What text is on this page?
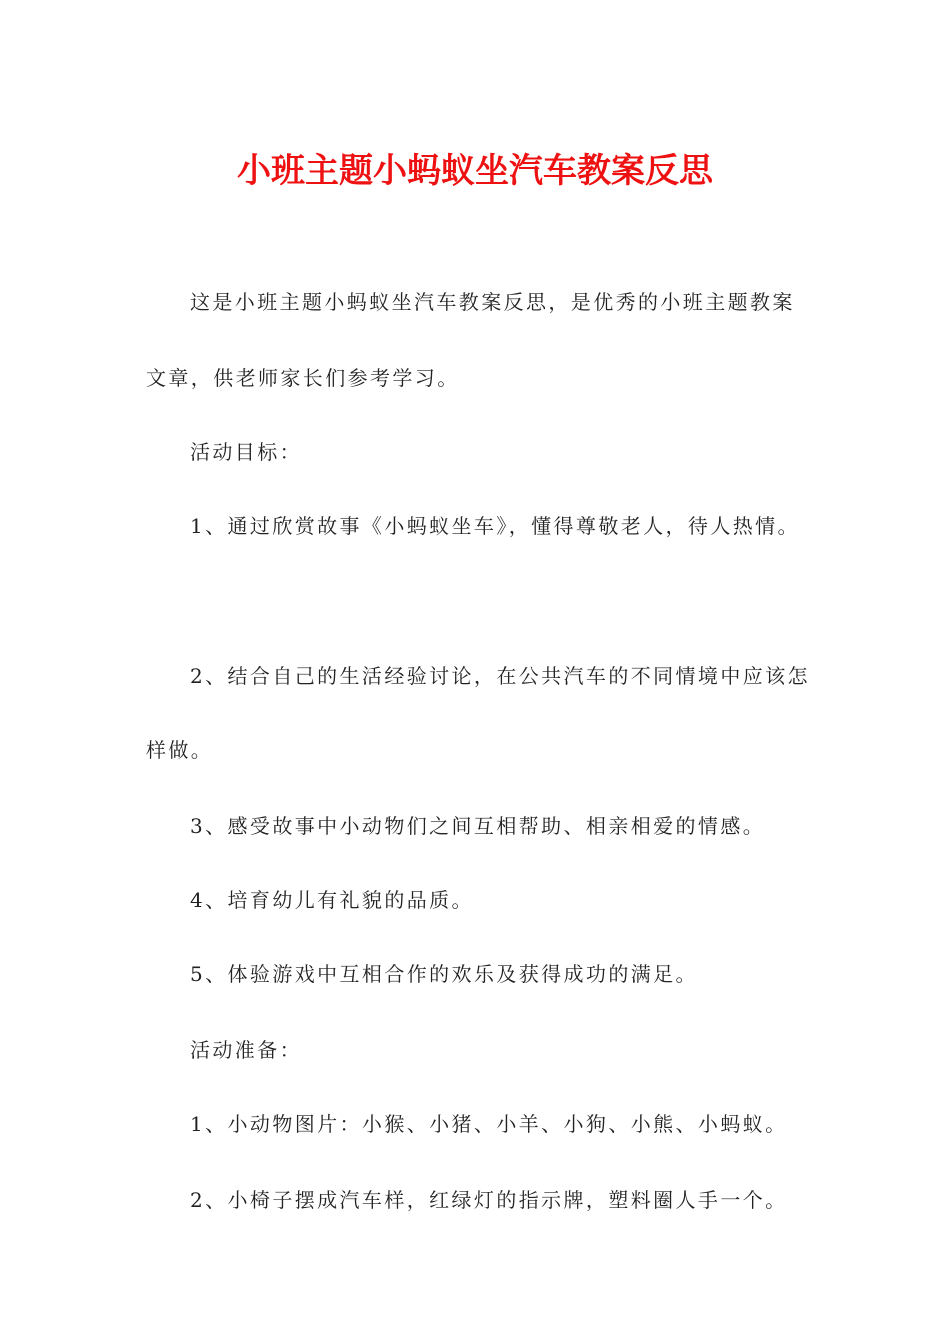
小班主题小蚂蚁坐汽车教案反思
这是小班主题小蚂蚁坐汽车教案反思，是优秀的小班主题教案
文章，供老师家长们参考学习。
活动目标：
1、通过欣赏故事《小蚂蚁坐车》，懂得尊敬老人，待人热情。
2、结合自己的生活经验讨论，在公共汽车的不同情境中应该怎
样做。
3、感受故事中小动物们之间互相帮助、相亲相爱的情感。
4、培育幼儿有礼貌的品质。
5、体验游戏中互相合作的欢乐及获得成功的满足。
活动准备：
1、小动物图片：小猴、小猪、小羊、小狗、小熊、小蚂蚁。
2、小椅子摆成汽车样，红绿灯的指示牌，塑料圈人手一个。
